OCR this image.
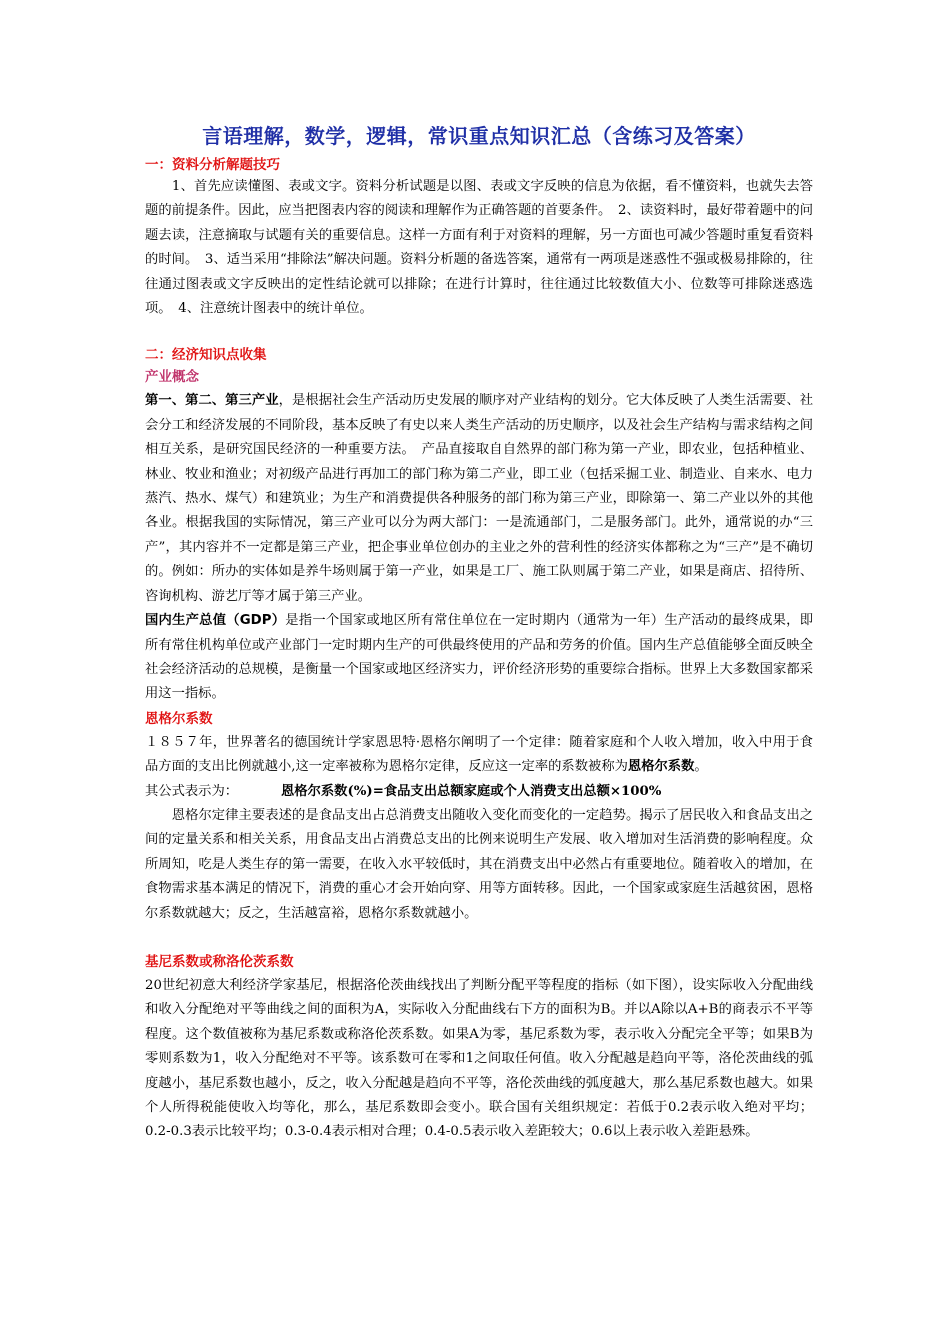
言语理解，数学，逻辑，常识重点知识汇总（含练习及答案）
一：资料分析解题技巧

　　1、首先应读懂图、表或文字。资料分析试题是以图、表或文字反映的信息为依据，看不懂资料，也就失去答题的前提条件。因此，应当把图表内容的阅读和理解作为正确答题的首要条件。　2、读资料时，最好带着题中的问题去读，注意摘取与试题有关的重要信息。这样一方面有利于对资料的理解，另一方面也可减少答题时重复看资料的时间。　3、适当采用“排除法”解决问题。资料分析题的备选答案，通常有一两项是迷惑性不强或极易排除的，往往通过图表或文字反映出的定性结论就可以排除；在进行计算时，往往通过比较数值大小、位数等可排除迷惑选项。　4、注意统计图表中的统计单位。

二：经济知识点收集
产业概念

第一、第二、第三产业，是根据社会生产活动历史发展的顺序对产业结构的划分。它大体反映了人类生活需要、社会分工和经济发展的不同阶段，基本反映了有史以来人类生产活动的历史顺序，以及社会生产结构与需求结构之间相互关系，是研究国民经济的一种重要方法。　产品直接取自自然界的部门称为第一产业，即农业，包括种植业、林业、牧业和渔业；对初级产品进行再加工的部门称为第二产业，即工业（包括采掘工业、制造业、自来水、电力蒸汽、热水、煤气）和建筑业；为生产和消费提供各种服务的部门称为第三产业，即除第一、第二产业以外的其他各业。根据我国的实际情况，第三产业可以分为两大部门：一是流通部门，二是服务部门。此外，通常说的办“三产”，其内容并不一定都是第三产业，把企事业单位创办的主业之外的营利性的经济实体都称之为“三产”是不确切的。例如：所办的实体如是养牛场则属于第一产业，如果是工厂、施工队则属于第二产业，如果是商店、招待所、咨询机构、游艺厅等才属于第三产业。

国内生产总值（GDP）是指一个国家或地区所有常住单位在一定时期内（通常为一年）生产活动的最终成果，即所有常住机构单位或产业部门一定时期内生产的可供最终使用的产品和劳务的价值。国内生产总值能够全面反映全社会经济活动的总规模，是衡量一个国家或地区经济实力，评价经济形势的重要综合指标。世界上大多数国家都采用这一指标。

恩格尔系数

１８５７年，世界著名的德国统计学家恩思特·恩格尔阐明了一个定律：随着家庭和个人收入增加，收入中用于食品方面的支出比例就越小,这一定率被称为恩格尔定律，反应这一定率的系数被称为恩格尔系数。

其公式表示为：	恩格尔系数(%)=食品支出总额家庭或个人消费支出总额×100%

　　恩格尔定律主要表述的是食品支出占总消费支出随收入变化而变化的一定趋势。揭示了居民收入和食品支出之间的定量关系和相关关系，用食品支出占消费总支出的比例来说明生产发展、收入增加对生活消费的影响程度。众所周知，吃是人类生存的第一需要，在收入水平较低时，其在消费支出中必然占有重要地位。随着收入的增加，在食物需求基本满足的情况下，消费的重心才会开始向穿、用等方面转移。因此，一个国家或家庭生活越贫困，恩格尔系数就越大；反之，生活越富裕，恩格尔系数就越小。

基尼系数或称洛伦茨系数

20世纪初意大利经济学家基尼，根据洛伦茨曲线找出了判断分配平等程度的指标（如下图），设实际收入分配曲线和收入分配绝对平等曲线之间的面积为A，实际收入分配曲线右下方的面积为B。并以A除以A+B的商表示不平等程度。这个数值被称为基尼系数或称洛伦茨系数。如果A为零，基尼系数为零，表示收入分配完全平等；如果B为零则系数为1，收入分配绝对不平等。该系数可在零和1之间取任何值。收入分配越是趋向平等，洛伦茨曲线的弧度越小，基尼系数也越小，反之，收入分配越是趋向不平等，洛伦茨曲线的弧度越大，那么基尼系数也越大。如果个人所得税能使收入均等化，那么，基尼系数即会变小。联合国有关组织规定：若低于0.2表示收入绝对平均；0.2-0.3表示比较平均；0.3-0.4表示相对合理；0.4-0.5表示收入差距较大；0.6以上表示收入差距悬殊。
